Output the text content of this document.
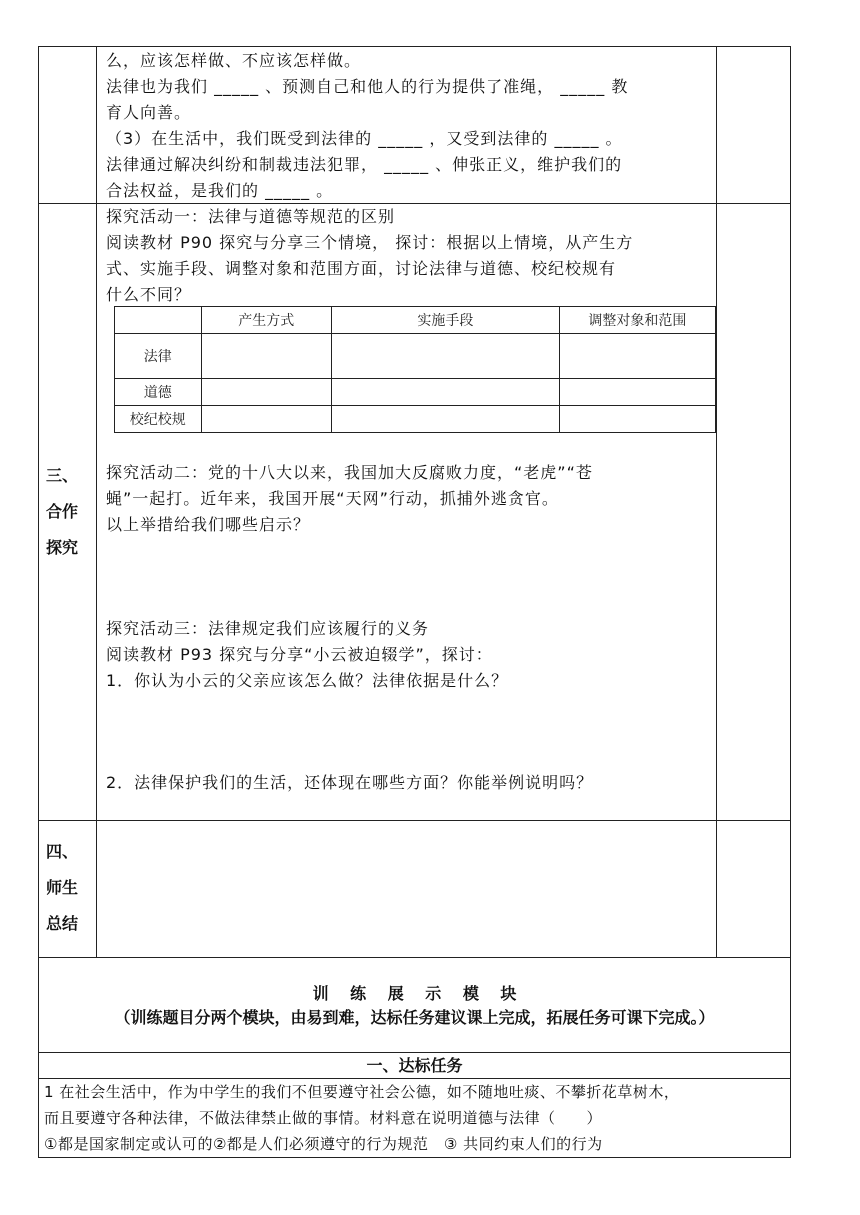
么，应该怎样做、不应该怎样做。
法律也为我们 _____ 、预测自己和他人的行为提供了准绳， _____ 教
育人向善。
（3）在生活中，我们既受到法律的 _____ ，又受到法律的 _____ 。
法律通过解决纠纷和制裁违法犯罪， _____ 、伸张正义，维护我们的
合法权益，是我们的 _____ 。
三、
合作
探究
探究活动一：法律与道德等规范的区别
阅读教材 P90 探究与分享三个情境， 探讨：根据以上情境，从产生方
式、实施手段、调整对象和范围方面，讨论法律与道德、校纪校规有
什么不同？
	产生方式	实施手段	调整对象和范围
法律			
道德			
校纪校规			
探究活动二：党的十八大以来，我国加大反腐败力度，“老虎”“苍
蝇”一起打。近年来，我国开展“天网”行动，抓捕外逃贪官。
以上举措给我们哪些启示？
探究活动三：法律规定我们应该履行的义务
阅读教材 P93 探究与分享“小云被迫辍学”，探讨：
1．你认为小云的父亲应该怎么做？法律依据是什么？
2．法律保护我们的生活，还体现在哪些方面？你能举例说明吗？
四、
师生
总结
训　 练　 展　 示　 模　 块
（训练题目分两个模块，由易到难，达标任务建议课上完成，拓展任务可课下完成。）
一、达标任务
1 在社会生活中，作为中学生的我们不但要遵守社会公德，如不随地吐痰、不攀折花草树木，
而且要遵守各种法律，不做法律禁止做的事情。材料意在说明道德与法律（　　）
①都是国家制定或认可的②都是人们必须遵守的行为规范　③ 共同约束人们的行为
